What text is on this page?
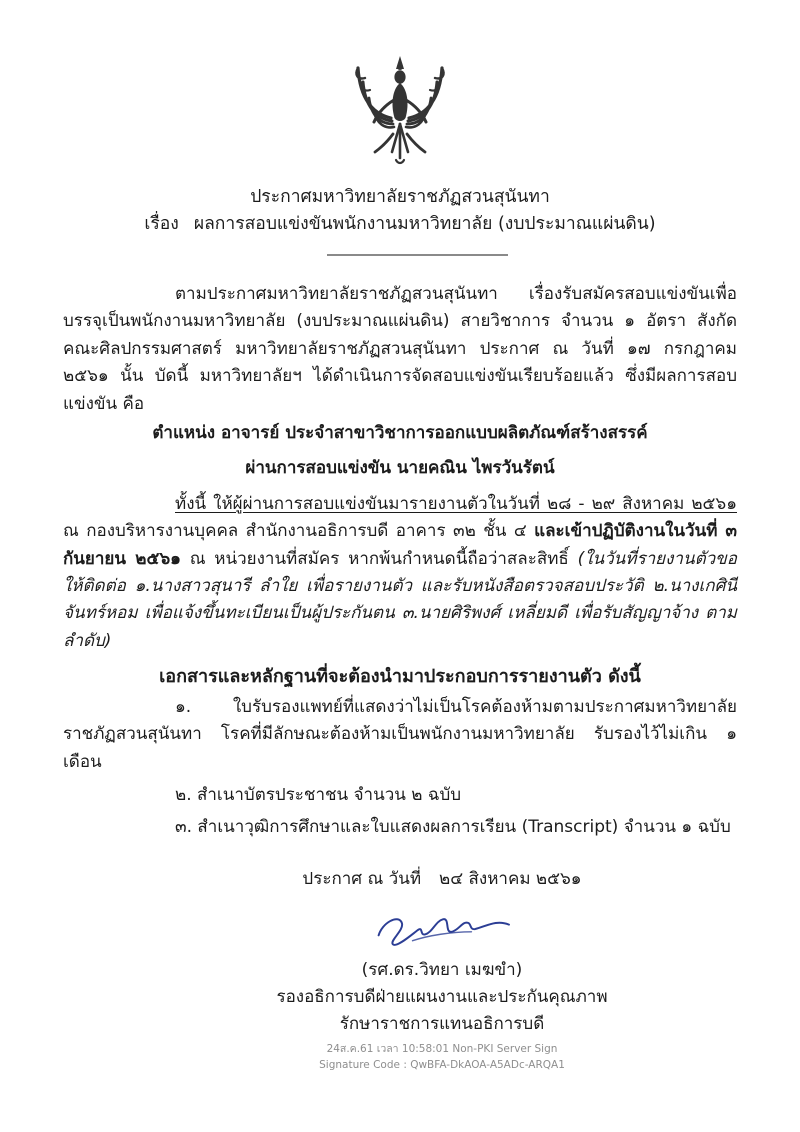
ประกาศมหาวิทยาลัยราชภัฏสวนสุนันทา

เรื่อง ผลการสอบแข่งขันพนักงานมหาวิทยาลัย (งบประมาณแผ่นดิน)

ตามประกาศมหาวิทยาลัยราชภัฏสวนสุนันทา เรื่องรับสมัครสอบแข่งขันเพื่อบรรจุเป็นพนักงานมหาวิทยาลัย (งบประมาณแผ่นดิน) สายวิชาการ จำนวน ๑ อัตรา สังกัด คณะศิลปกรรมศาสตร์ มหาวิทยาลัยราชภัฏสวนสุนันทา ประกาศ ณ วันที่ ๑๗ กรกฎาคม ๒๕๖๑ นั้น บัดนี้ มหาวิทยาลัยฯ ได้ดำเนินการจัดสอบแข่งขันเรียบร้อยแล้ว ซึ่งมีผลการสอบแข่งขัน คือ

ตำแหน่ง อาจารย์ ประจำสาขาวิชาการออกแบบผลิตภัณฑ์สร้างสรรค์

ผ่านการสอบแข่งขัน นายคณิน ไพรวันรัตน์

ทั้งนี้ ให้ผู้ผ่านการสอบแข่งขันมารายงานตัวในวันที่ ๒๘ - ๒๙ สิงหาคม ๒๕๖๑ ณ กองบริหารงานบุคคล สำนักงานอธิการบดี อาคาร ๓๒ ชั้น ๔ และเข้าปฏิบัติงานในวันที่ ๓ กันยายน ๒๕๖๑ ณ หน่วยงานที่สมัคร หากพ้นกำหนดนี้ถือว่าสละสิทธิ์ (ในวันที่รายงานตัวขอให้ติดต่อ ๑.นางสาวสุนารี ลำใย เพื่อรายงานตัว และรับหนังสือตรวจสอบประวัติ ๒.นางเกศินี จันทร์หอม เพื่อแจ้งขึ้นทะเบียนเป็นผู้ประกันตน ๓.นายศิริพงศ์ เหลี่ยมดี เพื่อรับสัญญาจ้าง ตามลำดับ)

เอกสารและหลักฐานที่จะต้องนำมาประกอบการรายงานตัว ดังนี้

๑. ใบรับรองแพทย์ที่แสดงว่าไม่เป็นโรคต้องห้ามตามประกาศมหาวิทยาลัยราชภัฏสวนสุนันทา โรคที่มีลักษณะต้องห้ามเป็นพนักงานมหาวิทยาลัย รับรองไว้ไม่เกิน ๑ เดือน

๒. สำเนาบัตรประชาชน จำนวน ๒ ฉบับ

๓. สำเนาวุฒิการศึกษาและใบแสดงผลการเรียน (Transcript) จำนวน ๑ ฉบับ

ประกาศ ณ วันที่ ๒๔ สิงหาคม ๒๕๖๑

(รศ.ดร.วิทยา เมฆขำ)

รองอธิการบดีฝ่ายแผนงานและประกันคุณภาพ

รักษาราชการแทนอธิการบดี

24ส.ค.61 เวลา 10:58:01 Non-PKI Server Sign

Signature Code : QwBFA-DkAOA-A5ADc-ARQA1
